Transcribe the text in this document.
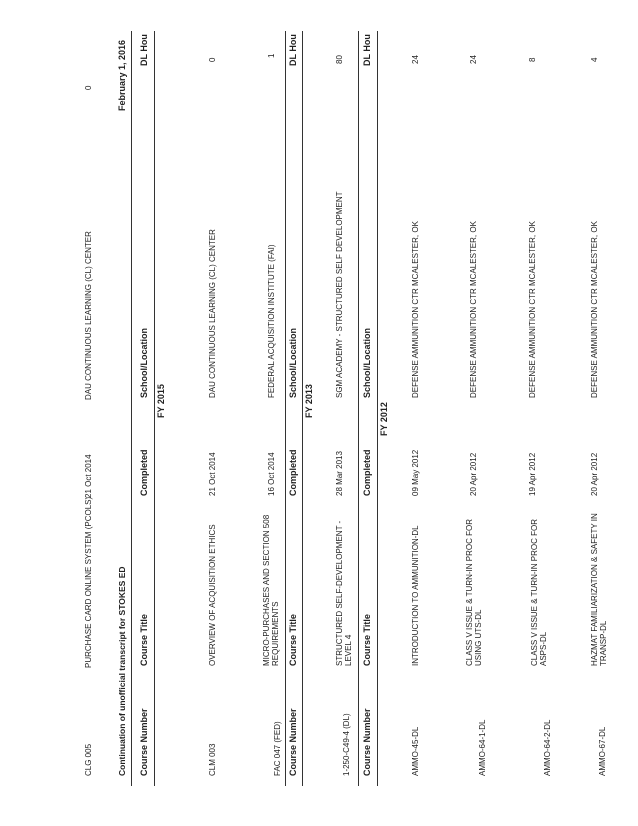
CLG 005
PURCHASE CARD ONLINE SYSTEM (PCOLS)
21 Oct 2014
DAU CONTINUOUS LEARNING (CL) CENTER
0
Continuation of unofficial transcript for STOKES ED
February 1, 2016
Course Number
Course Title
Completed
School/Location
DL Hou
FY 2015
CLM 003
OVERVIEW OF ACQUISITION ETHICS
21 Oct 2014
DAU CONTINUOUS LEARNING (CL) CENTER
0
FAC 047 (FED)
MICRO-PURCHASES AND SECTION 508 REQUIREMENTS
16 Oct 2014
FEDERAL ACQUISITION INSTITUTE (FAI)
1
Course Number
Course Title
Completed
School/Location
DL Hou
FY 2013
1-250-C49-4 (DL)
STRUCTURED SELF-DEVELOPMENT - LEVEL 4
28 Mar 2013
SGM ACADEMY - STRUCTURED SELF DEVELOPMENT
80
Course Number
Course Title
Completed
School/Location
DL Hou
FY 2012
AMMO-45-DL
INTRODUCTION TO AMMUNITION-DL
09 May 2012
DEFENSE AMMUNITION CTR MCALESTER, OK
24
AMMO-64-1-DL
CLASS V ISSUE & TURN-IN PROC FOR USING UTS-DL
20 Apr 2012
DEFENSE AMMUNITION CTR MCALESTER, OK
24
AMMO-64-2-DL
CLASS V ISSUE & TURN-IN PROC FOR ASPS-DL
19 Apr 2012
DEFENSE AMMUNITION CTR MCALESTER, OK
8
AMMO-67-DL
HAZMAT FAMILIARIZATION & SAFETY IN TRANSP-DL
20 Apr 2012
DEFENSE AMMUNITION CTR MCALESTER, OK
4
